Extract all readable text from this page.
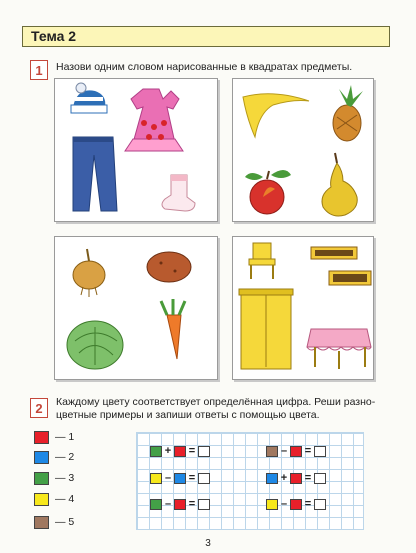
Тема 2
1	Назови одним словом нарисованные в квадратах предметы.
2	Каждому цвету соответствует определённая цифра. Реши разно-
цветные примеры и запиши ответы с помощью цвета.
— 1
— 2
— 3
— 4
— 5
+ =	– =
– =	+ =
– =	– =
3
